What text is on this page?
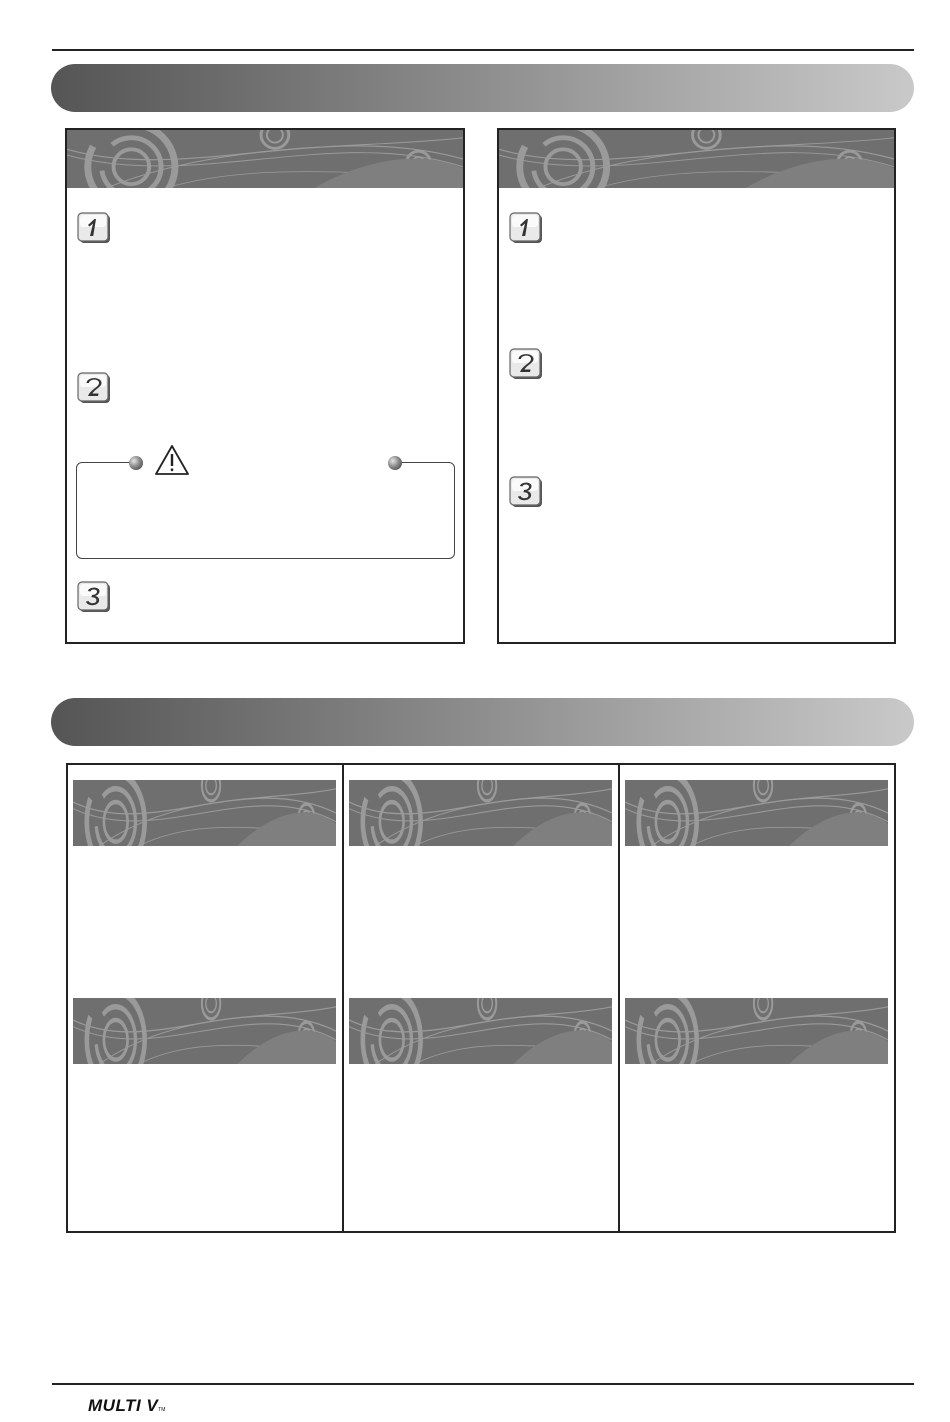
MULTI VTM
